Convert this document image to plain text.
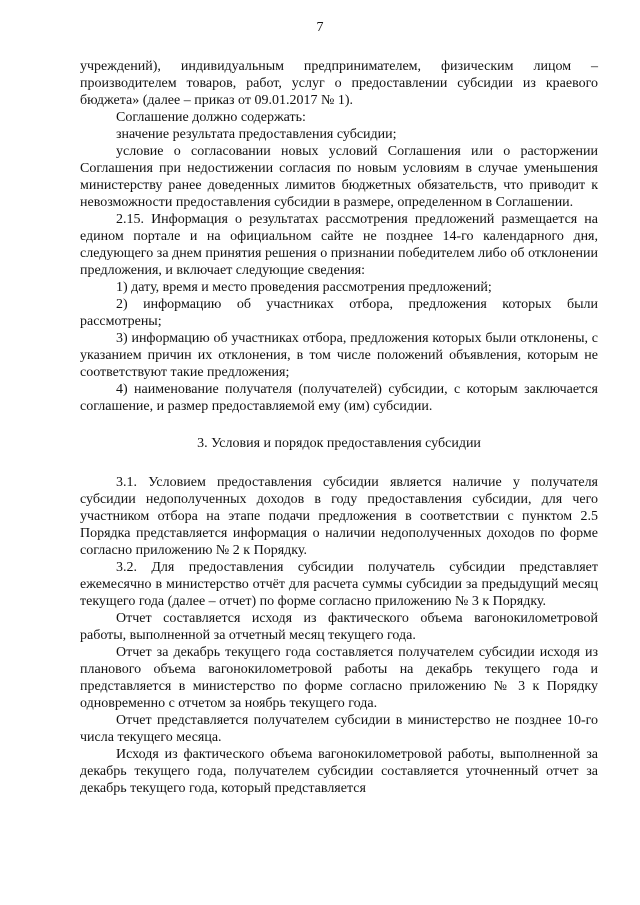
7

учреждений), индивидуальным предпринимателем, физическим лицом – производителем товаров, работ, услуг о предоставлении субсидии из краевого бюджета» (далее – приказ от 09.01.2017 № 1).

Соглашение должно содержать:

значение результата предоставления субсидии;

условие о согласовании новых условий Соглашения или о расторжении Соглашения при недостижении согласия по новым условиям в случае уменьшения министерству ранее доведенных лимитов бюджетных обязательств, что приводит к невозможности предоставления субсидии в размере, определенном в Соглашении.

2.15. Информация о результатах рассмотрения предложений размещается на едином портале и на официальном сайте не позднее 14-го календарного дня, следующего за днем принятия решения о признании победителем либо об отклонении предложения, и включает следующие сведения:

1) дату, время и место проведения рассмотрения предложений;

2) информацию об участниках отбора, предложения которых были рассмотрены;

3) информацию об участниках отбора, предложения которых были отклонены, с указанием причин их отклонения, в том числе положений объявления, которым не соответствуют такие предложения;

4) наименование получателя (получателей) субсидии, с которым заключается соглашение, и размер предоставляемой ему (им) субсидии.

3. Условия и порядок предоставления субсидии

3.1. Условием предоставления субсидии является наличие у получателя субсидии недополученных доходов в году предоставления субсидии, для чего участником отбора на этапе подачи предложения в соответствии с пунктом 2.5 Порядка представляется информация о наличии недополученных доходов по форме согласно приложению № 2 к Порядку.

3.2. Для предоставления субсидии получатель субсидии представляет ежемесячно в министерство отчёт для расчета суммы субсидии за предыдущий месяц текущего года (далее – отчет) по форме согласно приложению № 3 к Порядку.

Отчет составляется исходя из фактического объема вагонокилометровой работы, выполненной за отчетный месяц текущего года.

Отчет за декабрь текущего года составляется получателем субсидии исходя из планового объема вагонокилометровой работы на декабрь текущего года и представляется в министерство по форме согласно приложению № 3 к Порядку одновременно с отчетом за ноябрь текущего года.

Отчет представляется получателем субсидии в министерство не позднее 10-го числа текущего месяца.

Исходя из фактического объема вагонокилометровой работы, выполненной за декабрь текущего года, получателем субсидии составляется уточненный отчет за декабрь текущего года, который представляется
